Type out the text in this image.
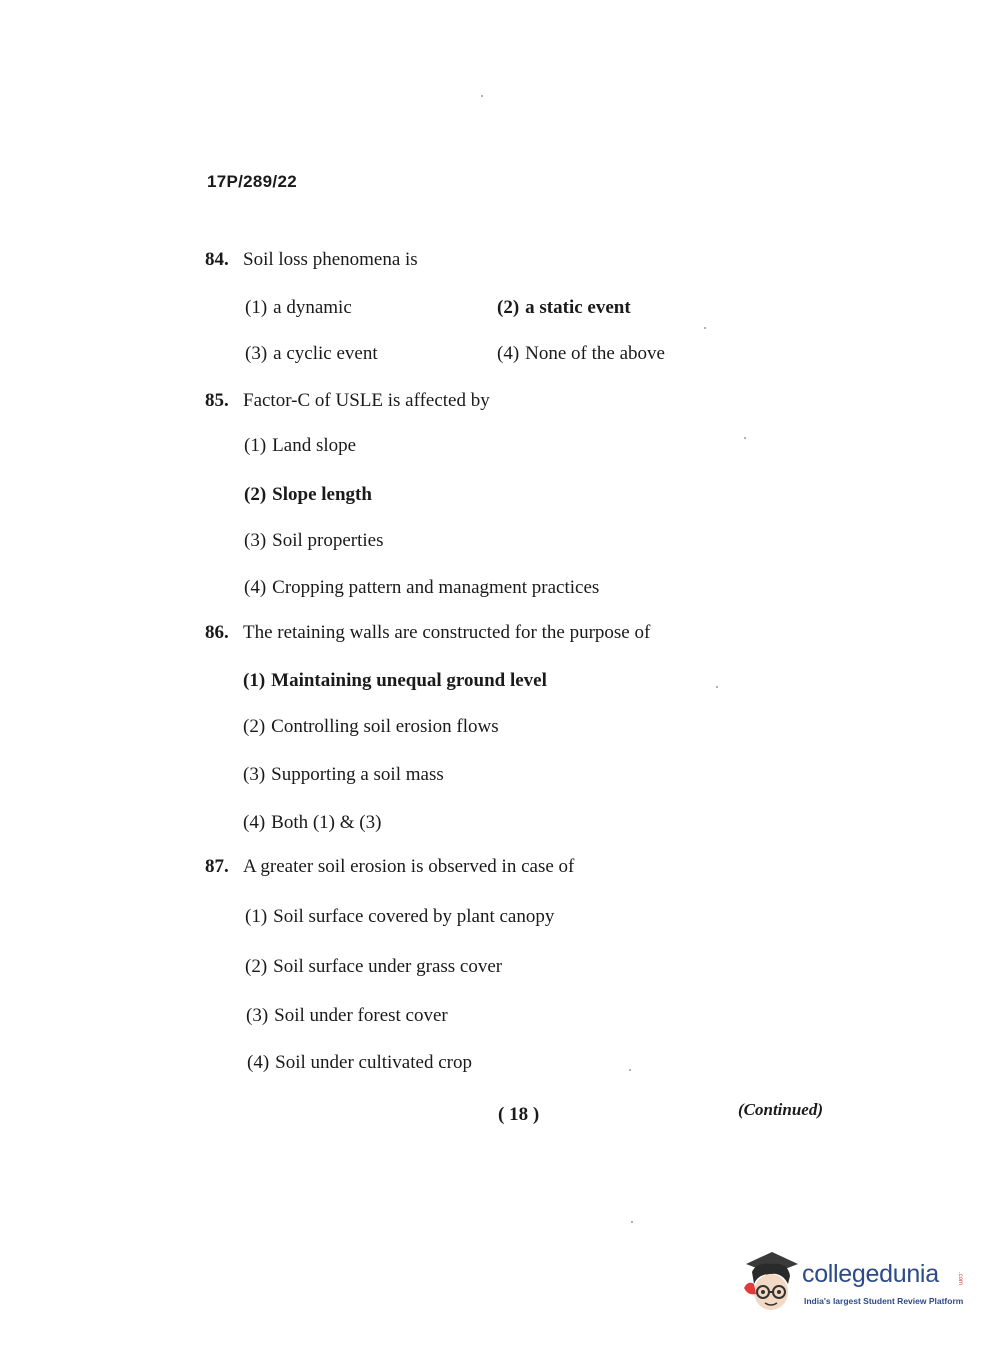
17P/289/22
84. Soil loss phenomena is
(1) a dynamic	(2) a static event
(3) a cyclic event	(4) None of the above
85. Factor-C of USLE is affected by
(1) Land slope
(2) Slope length
(3) Soil properties
(4) Cropping pattern and managment practices
86. The retaining walls are constructed for the purpose of
(1) Maintaining unequal ground level
(2) Controlling soil erosion flows
(3) Supporting a soil mass
(4) Both (1) & (3)
87. A greater soil erosion is observed in case of
(1) Soil surface covered by plant canopy
(2) Soil surface under grass cover
(3) Soil under forest cover
(4) Soil under cultivated crop
( 18 )	(Continued)
collegedunia	.com
India's largest Student Review Platform
